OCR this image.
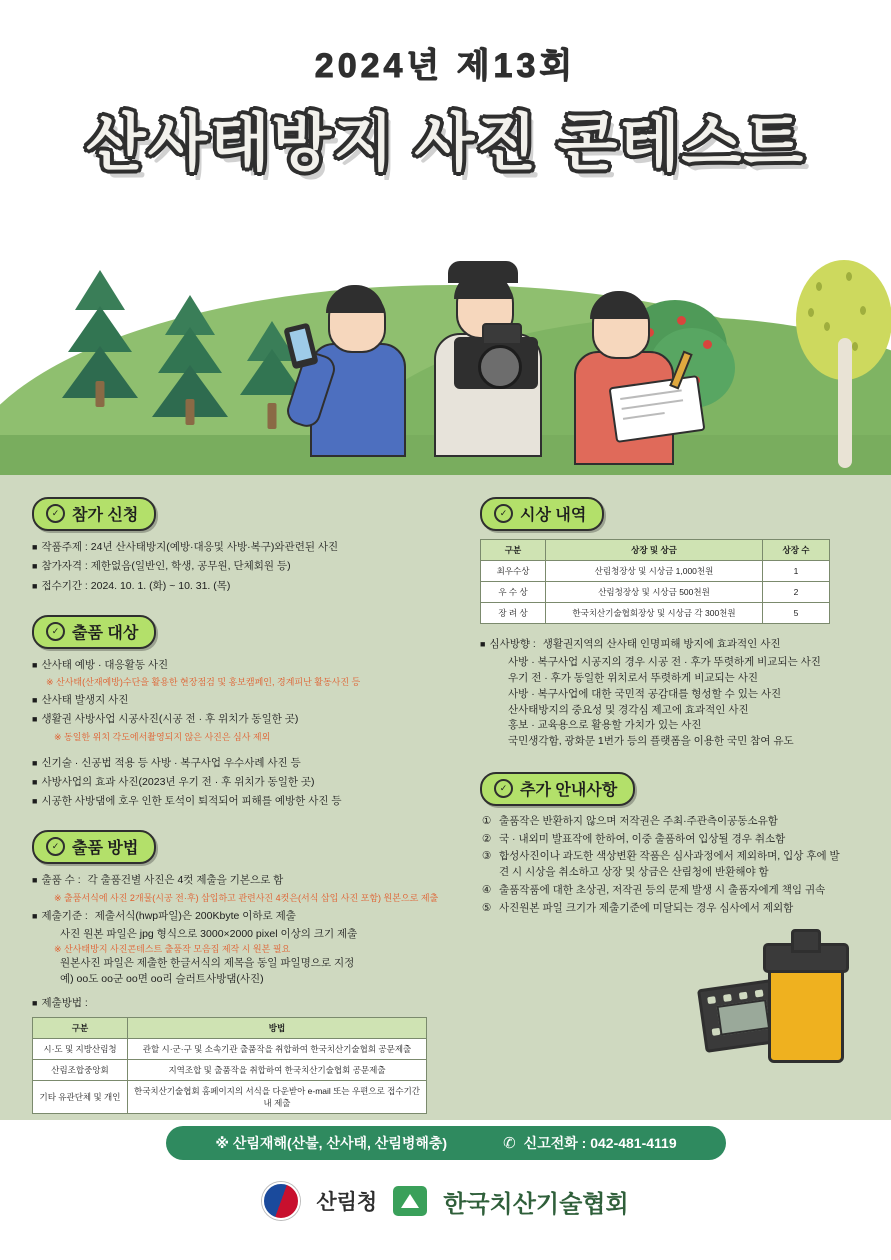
2024년 제13회
산사태방지 사진 콘테스트
✓ 참가 신청
■ 작품주제 : 24년 산사태방지(예방·대응및 사방·복구)와관련된 사진
■ 참가자격 : 제한없음(일반인, 학생, 공무원, 단체회원 등)
■ 접수기간 : 2024. 10. 1. (화) ~ 10. 31. (목)
✓ 출품 대상
■ 산사태 예방 · 대응활동 사진
※ 산사태(산재예방)수단을 활용한 현장점검 및 홍보캠페인, 경계피난 활동사진 등
■ 산사태 발생지 사진
■ 생활권 사방사업 시공사진(시공 전 · 후 위치가 동일한 곳)
※ 동일한 위치 각도에서촬영되지 않은 사진은 심사 제외
■ 신기술 · 신공법 적용 등 사방 · 복구사업 우수사례 사진 등
■ 사방사업의 효과 사진(2023년 우기 전 · 후 위치가 동일한 곳)
■ 시공한 사방댐에 호우 인한 토석이 퇴적되어 피해를 예방한 사진 등
✓ 출품 방법
■ 출품 수 : 각 출품건별 사진은 4컷 제출을 기본으로 함
※ 출품서식에 사진 2개물(시공 전·후) 삽입하고 관련사진 4컷은(서식 삽입 사진 포함) 원본으로 제출
■ 제출기준 : 제출서식(hwp파일)은 200Kbyte 이하로 제출
사진 원본 파일은 jpg 형식으로 3000×2000 pixel 이상의 크기 제출
※ 산사태방지 사진콘테스트 출품작 모음집 제작 시 원본 필요
원본사진 파일은 제출한 한글서식의 제목을 동일 파일명으로 지정
예) oo도 oo군 oo면 oo리 슬러트사방댐(사진)
■ 제출방법 :
구분	방법
시·도 및 지방산림청	관할 시·군·구 및 소속기관 출품작을 취합하여 한국치산기술협회 공문제출
산림조합중앙회	지역조합 및 출품작을 취합하여 한국치산기술협회 공문제출
기타 유관단체 및 개인	한국치산기술협회 홈페이지의 서식을 다운받아 e-mail 또는 우편으로 접수기간 내 제출
✓ 시상 내역
구분	상장 및 상금	상장 수
최우수상	산림청장상 및 시상금 1,000천원	1
우 수 상	산림청장상 및 시상금 500천원	2
장 려 상	한국치산기술협회장상 및 시상금 각 300천원	5
■ 심사방향 : 생활권지역의 산사태 인명피해 방지에 효과적인 사진
사방 · 복구사업 시공지의 경우 시공 전 · 후가 뚜렷하게 비교되는 사진
우기 전 · 후가 동일한 위치로서 뚜렷하게 비교되는 사진
사방 · 복구사업에 대한 국민적 공감대를 형성할 수 있는 사진
산사태방지의 중요성 및 경각심 제고에 효과적인 사진
홍보 · 교육용으로 활용할 가치가 있는 사진
국민생각함, 광화문 1번가 등의 플랫폼을 이용한 국민 참여 유도
✓ 추가 안내사항
① 출품작은 반환하지 않으며 저작권은 주최·주관측이공동소유함
② 국 · 내외미 발표작에 한하여, 이중 출품하여 입상될 경우 취소함
③ 합성사진이나 과도한 색상변환 작품은 심사과정에서 제외하며, 입상 후에 발견 시 시상을 취소하고 상장 및 상금은 산림청에 반환해야 함
④ 출품작품에 대한 초상권, 저작권 등의 문제 발생 시 출품자에게 책임 귀속
⑤ 사진원본 파일 크기가 제출기준에 미달되는 경우 심사에서 제외함
※ 산림재해(산불, 산사태, 산림병해충)	✆ 신고전화 : 042-481-4119
산림청	한국치산기술협회
